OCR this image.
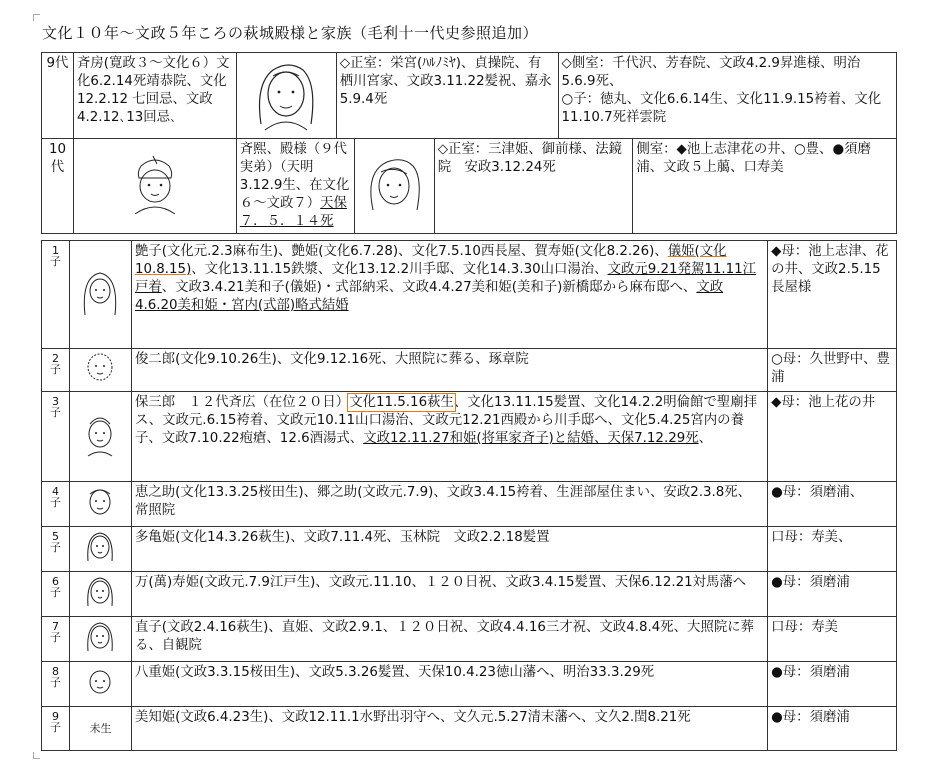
文化１０年～文政５年ころの萩城殿様と家族（毛利十一代史参照追加）
9代	斉房(寛政３～文化６）文化6.2.14死靖恭院、文化12.2.12 七回忌、文政4.2.12､13回忌､		◇正室：栄宮(ﾊﾙﾉﾐﾔ)、貞操院、有栖川宮家、文政3.11.22髪祝、嘉永5.9.4死			◇側室：千代沢、芳春院、文政4.2.9昇進様、明治5.6.9死、
○子：徳丸、文化6.6.14生、文化11.9.15袴着、文化11.10.7死祥雲院	

10代		斉熙、殿様（９代実弟）（天明3.12.9生、在文化６～文政７）天保７．５．１４死			◇正室：三津姫、御前様、法鏡院　安政3.12.24死		側室：◆池上志津花の井、○豊、●須磨浦、文政５上﨟、口寿美
1
子		艶子(文化元.2.3麻布生)、艶姫(文化6.7.28)、文化7.5.10西長屋、賀寿姫(文化8.2.26)、儀姫(文化10.8.15)、文化13.11.15鉄漿、文化13.12.2川手邸、文化14.3.30山口湯治、文政元9.21発駕11.11江戸着、文政3.4.21美和子(儀姫)・式部納采、文政4.4.27美和姫(美和子)新橋邸から麻布邸へ、文政4.6.20美和姫・宮内(式部)略式結婚	◆母：池上志津、花の井、文政2.5.15長屋様
2
子		俊二郎(文化9.10.26生)、文化9.12.16死、大照院に葬る、琢章院	○母：久世野中、豊浦
3
子		保三郎　１２代斉広（在位２０日）文化11.5.16萩生、文化13.11.15髪置、文化14.2.2明倫館で聖廟拝ス、文政元.6.15袴着、文政元10.11山口湯治、文政元12.21西殿から川手邸へ、文化5.4.25宮内の養子、文政7.10.22疱瘡、12.6酒湯式、文政12.11.27和姫(将軍家斉子)と結婚、天保7.12.29死、	◆母：池上花の井
4
子		恵之助(文化13.3.25桜田生)、郷之助(文政元.7.9)、文政3.4.15袴着、生涯部屋住まい、安政2.3.8死、常照院	●母：須磨浦、
5
子		多亀姫(文化14.3.26萩生)、文政7.11.4死、玉林院　文政2.2.18髪置	口母：寿美、
6
子		万(萬)寿姫(文政元.7.9江戸生)、文政元.11.10、１２０日祝、文政3.4.15髪置、天保6.12.21対馬藩へ	●母：須磨浦
7
子		直子(文政2.4.16萩生)、直姫、文政2.9.1、１２０日祝、文政4.4.16三才祝、文政4.8.4死、大照院に葬る、自観院	口母：寿美
8
子		八重姫(文政3.3.15桜田生)、文政5.3.26髪置、天保10.4.23徳山藩へ、明治33.3.29死	●母：須磨浦
9
子	未生	美知姫(文政6.4.23生)、文政12.11.1水野出羽守へ、文久元.5.27清末藩へ、文久2.閏8.21死	●母：須磨浦
